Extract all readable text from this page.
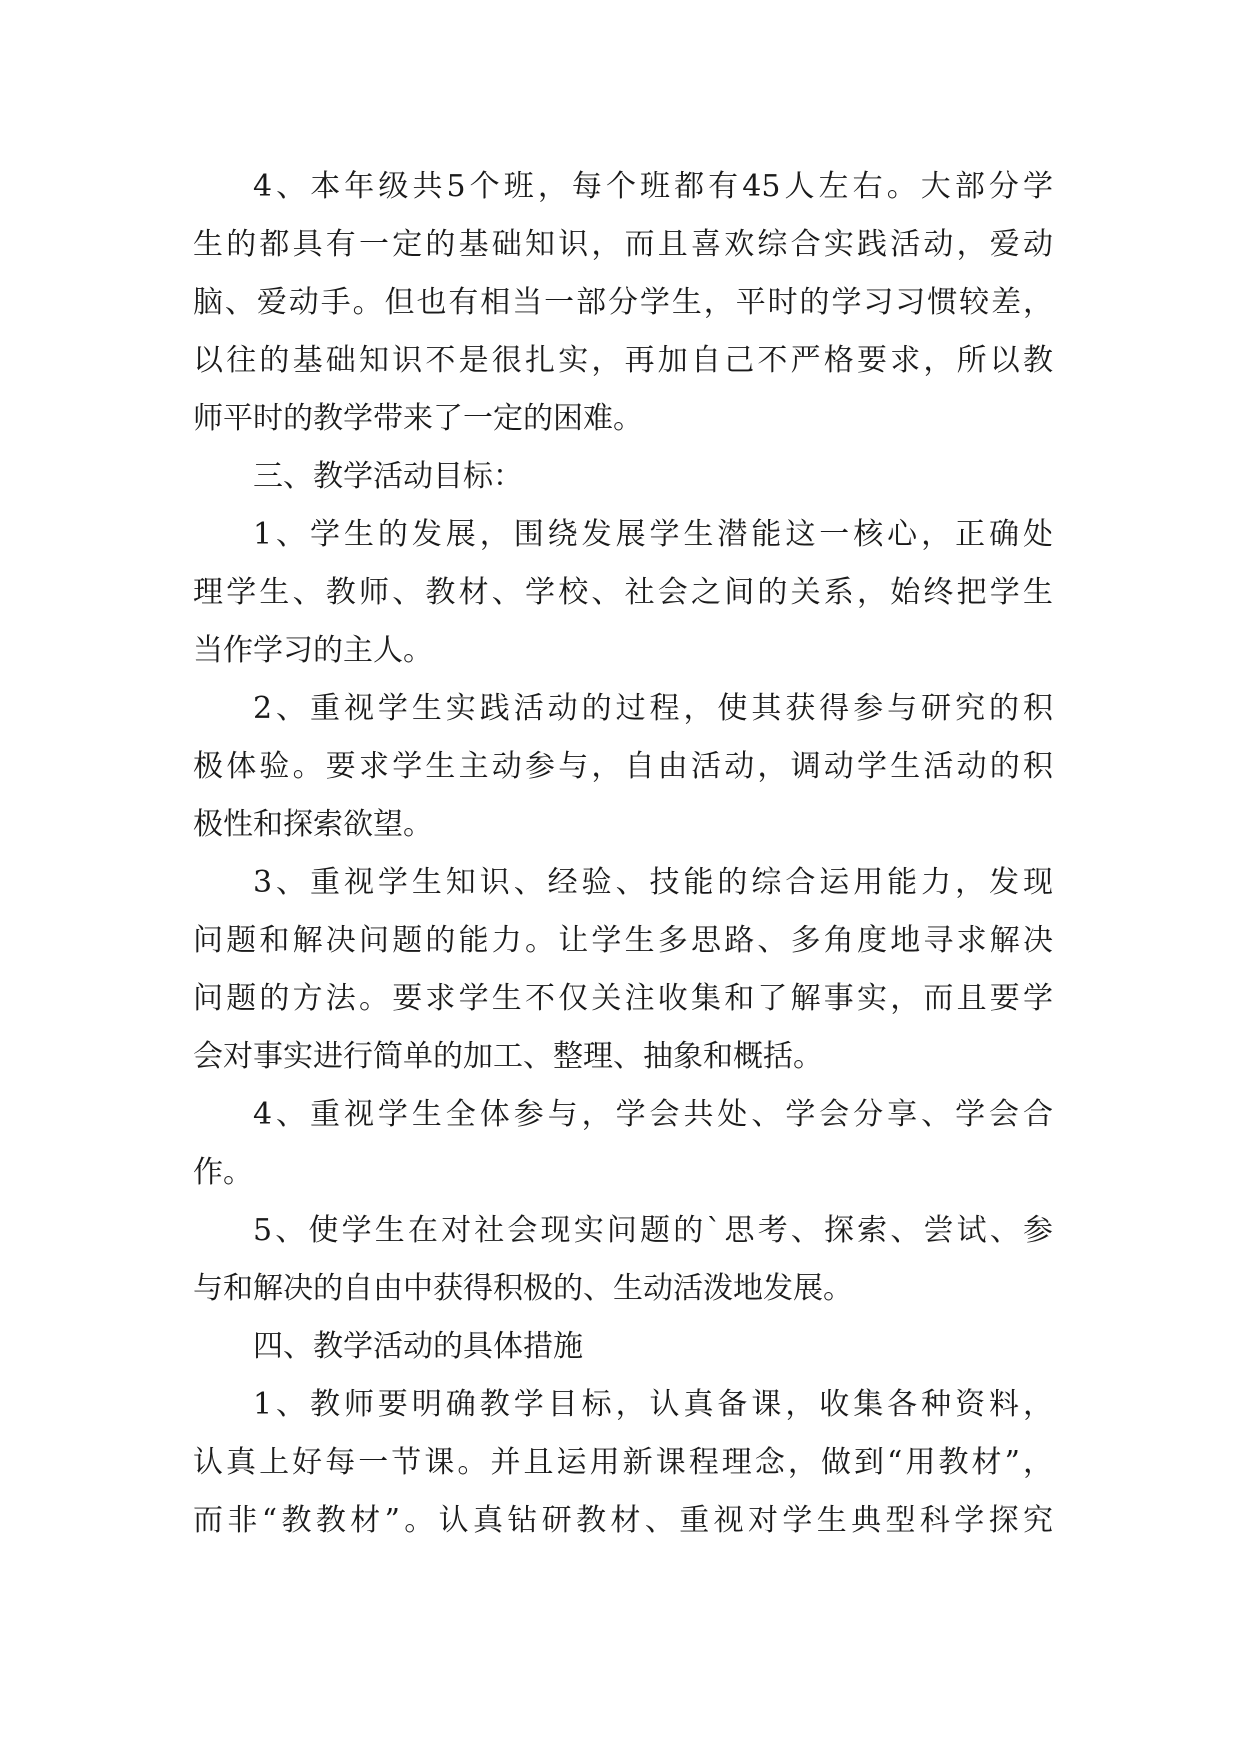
4、本年级共5个班，每个班都有45人左右。大部分学
生的都具有一定的基础知识，而且喜欢综合实践活动，爱动
脑、爱动手。但也有相当一部分学生，平时的学习习惯较差，
以往的基础知识不是很扎实，再加自己不严格要求，所以教
师平时的教学带来了一定的困难。
三、教学活动目标：
1、学生的发展，围绕发展学生潜能这一核心，正确处
理学生、教师、教材、学校、社会之间的关系，始终把学生
当作学习的主人。
2、重视学生实践活动的过程，使其获得参与研究的积
极体验。要求学生主动参与，自由活动，调动学生活动的积
极性和探索欲望。
3、重视学生知识、经验、技能的综合运用能力，发现
问题和解决问题的能力。让学生多思路、多角度地寻求解决
问题的方法。要求学生不仅关注收集和了解事实，而且要学
会对事实进行简单的加工、整理、抽象和概括。
4、重视学生全体参与，学会共处、学会分享、学会合
作。
5、使学生在对社会现实问题的`思考、探索、尝试、参
与和解决的自由中获得积极的、生动活泼地发展。
四、教学活动的具体措施
1、教师要明确教学目标，认真备课，收集各种资料，
认真上好每一节课。并且运用新课程理念，做到“用教材”，
而非“教教材”。认真钻研教材、重视对学生典型科学探究
